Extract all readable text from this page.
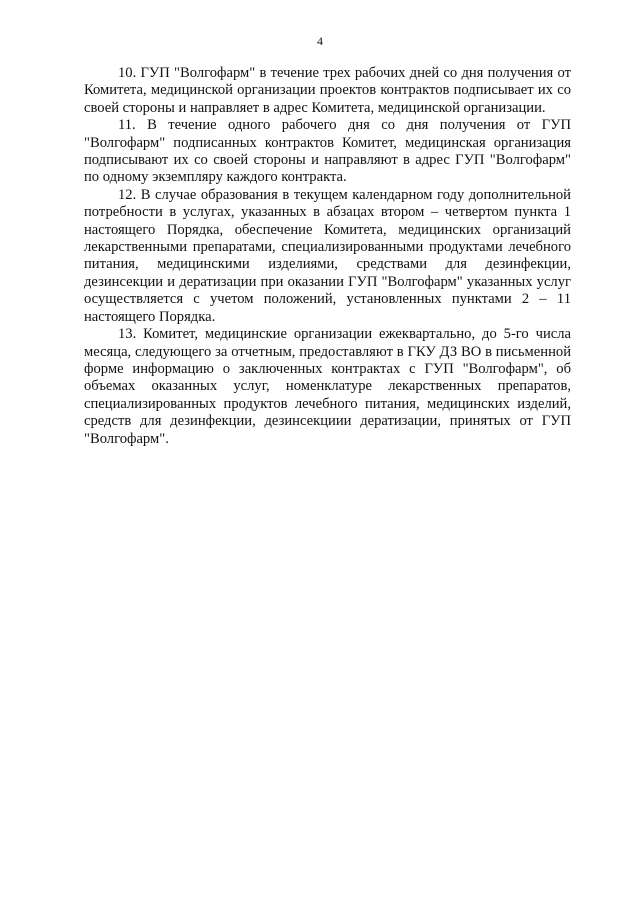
4

10. ГУП "Волгофарм" в течение трех рабочих дней со дня получения от Комитета, медицинской организации проектов контрактов подписывает их со своей стороны и направляет в адрес Комитета, медицинской организации.

11. В течение одного рабочего дня со дня получения от ГУП "Волгофарм" подписанных контрактов Комитет, медицинская организация подписывают их со своей стороны и направляют в адрес ГУП "Волгофарм" по одному экземпляру каждого контракта.

12. В случае образования в текущем календарном году дополнительной потребности в услугах, указанных в абзацах втором – четвертом пункта 1 настоящего Порядка, обеспечение Комитета, медицинских организаций лекарственными препаратами, специализированными продуктами лечебного питания, медицинскими изделиями, средствами для дезинфекции, дезинсекции и дератизации при оказании ГУП "Волгофарм" указанных услуг осуществляется с учетом положений, установленных пунктами 2 – 11 настоящего Порядка.

13. Комитет, медицинские организации ежеквартально, до 5-го числа месяца, следующего за отчетным, предоставляют в ГКУ ДЗ ВО в письменной форме информацию о заключенных контрактах с ГУП "Волгофарм", об объемах оказанных услуг, номенклатуре лекарственных препаратов, специализированных продуктов лечебного питания, медицинских изделий, средств для дезинфекции, дезинсекциии дератизации, принятых от ГУП "Волгофарм".
